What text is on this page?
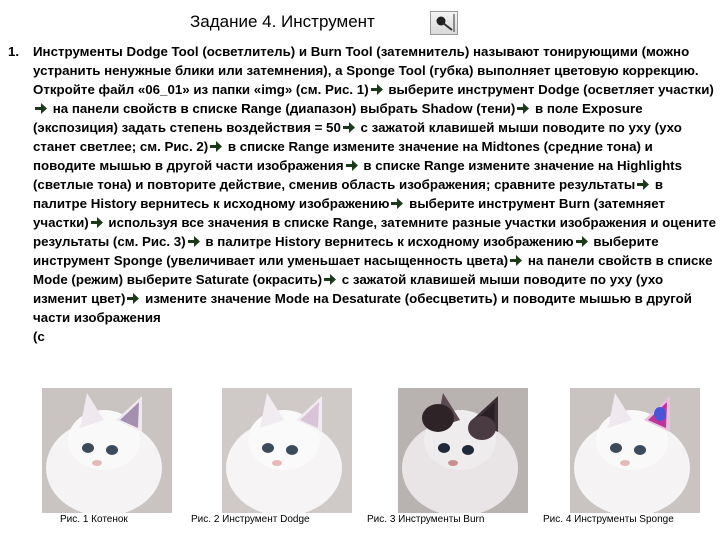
Задание 4. Инструмент
1. Инструменты Dodge Tool (осветлитель) и Burn Tool (затемнитель) называют тонирующими (можно устранить ненужные блики или затемнения), а Sponge Tool (губка) выполняет цветовую коррекцию. Откройте файл «06_01» из папки «img» (см. Рис. 1) выберите инструмент Dodge (осветляет участки)
на панели свойств в списке Range (диапазон) выбрать Shadow (тени) в поле Exposure (экспозиция) задать степень воздействия = 50 с зажатой клавишей мыши поводите по уху (ухо станет светлее; см. Рис. 2) в списке Range измените значение на Midtones (средние тона) и поводите мышью в другой части изображения в списке Range измените значение на Highlights (светлые тона) и повторите действие, сменив область изображения; сравните результаты в палитре History вернитесь к исходному изображению выберите инструмент Burn (затемняет участки) используя все значения в списке Range, затемните разные участки изображения и оцените результаты (см. Рис. 3) в палитре History вернитесь к исходному изображению выберите инструмент Sponge (увеличивает или уменьшает насыщенность цвета) на панели свойств в списке Mode (режим) выберите Saturate (окрасить) с зажатой клавишей мыши поводите по уху (ухо изменит цвет) измените значение Mode на Desaturate (обесцветить) и поводите мышью в другой части изображения
(с
Рис. 1 Котенок	Рис. 2 Инструмент Dodge	Рис. 3 Инструменты Burn	Рис. 4 Инструменты Sponge
